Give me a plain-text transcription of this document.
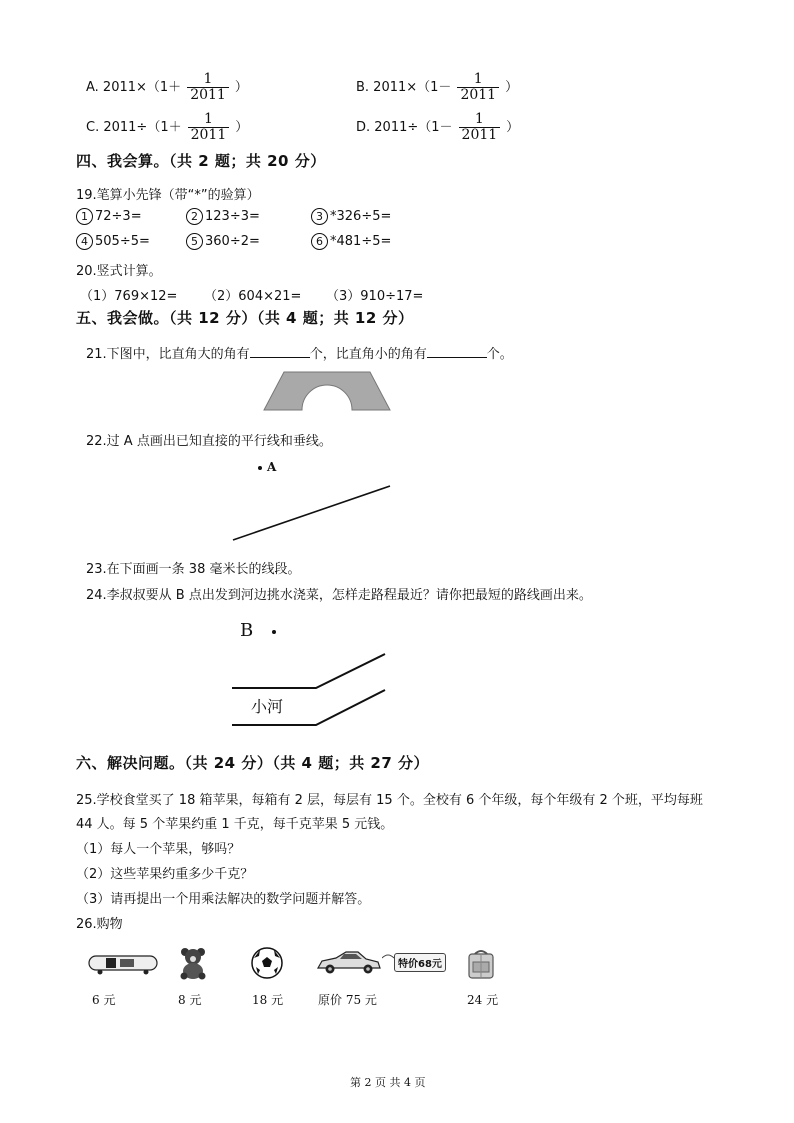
A. $2011\times(1+ \frac{1}{2011}$ ）	B. $2011\times(1- \frac{1}{2011}$ ）
C. $2011\div(1+ \frac{1}{2011}$ ）	D. $2011\div(1- \frac{1}{2011}$ ）
四、我会算。（共 2 题；共 20 分）
19.笔算小先锋（带“*”的验算）
1 72÷3=	2 123÷3=	3 *326÷5=
4 505÷5=	5 360÷2=	6 *481÷5=
20.竖式计算。
（1）769×12= （2）604×21= （3）910÷17=
五、我会做。（共 12 分）（共 4 题；共 12 分）
21.下图中，比直角大的角有	个，比直角小的角有	个。
22.过 A 点画出已知直接的平行线和垂线。
A
23.在下面画一条 38 毫米长的线段。
24.李叔叔要从 B 点出发到河边挑水浇菜，怎样走路程最近？请你把最短的路线画出来。
B
小河
六、解决问题。（共 24 分）（共 4 题；共 27 分）
25.学校食堂买了 18 箱苹果，每箱有 2 层，每层有 15 个。全校有 6 个年级，每个年级有 2 个班，平均每班
44 人。每 5 个苹果约重 1 千克，每千克苹果 5 元钱。
（1）每人一个苹果，够吗？
（2）这些苹果约重多少千克？
（3）请再提出一个用乘法解决的数学问题并解答。
26.购物
特价68元
6 元	8 元	18 元	原价 75 元	24 元
第 2 页 共 4 页
